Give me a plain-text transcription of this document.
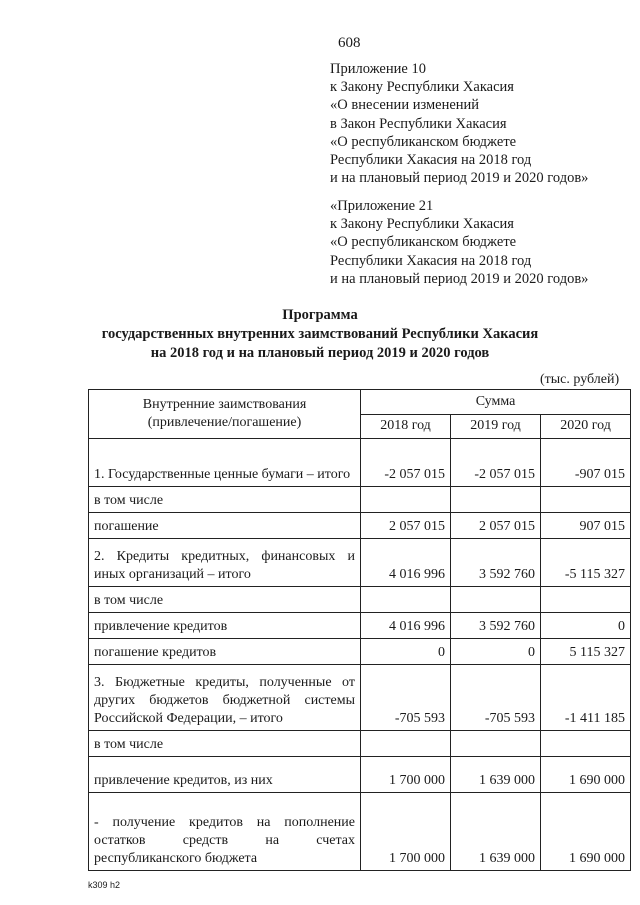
608
Приложение 10
к Закону Республики Хакасия
«О внесении изменений
в Закон Республики Хакасия
«О республиканском бюджете
Республики Хакасия на 2018 год
и на плановый период 2019 и 2020 годов»
«Приложение 21
к Закону Республики Хакасия
«О республиканском бюджете
Республики Хакасия на 2018 год
и на плановый период 2019 и 2020 годов»
Программа
государственных внутренних заимствований Республики Хакасия
на 2018 год и на плановый период 2019 и 2020 годов
(тыс. рублей)
Внутренние заимствования (привлечение/погашение)	Сумма		
	2018 год	2019 год	2020 год
1. Государственные ценные бумаги – итого	-2 057 015	-2 057 015	-907 015
в том числе			
погашение	2 057 015	2 057 015	907 015
2. Кредиты кредитных, финансовых и иных организаций – итого	4 016 996	3 592 760	-5 115 327
в том числе			
привлечение кредитов	4 016 996	3 592 760	0
погашение кредитов	0	0	5 115 327
3. Бюджетные кредиты, полученные от других бюджетов бюджетной системы Российской Федерации, – итого	-705 593	-705 593	-1 411 185
в том числе			
привлечение кредитов, из них	1 700 000	1 639 000	1 690 000
- получение кредитов на пополнение остатков средств на счетах республиканского бюджета	1 700 000	1 639 000	1 690 000
k309 h2
